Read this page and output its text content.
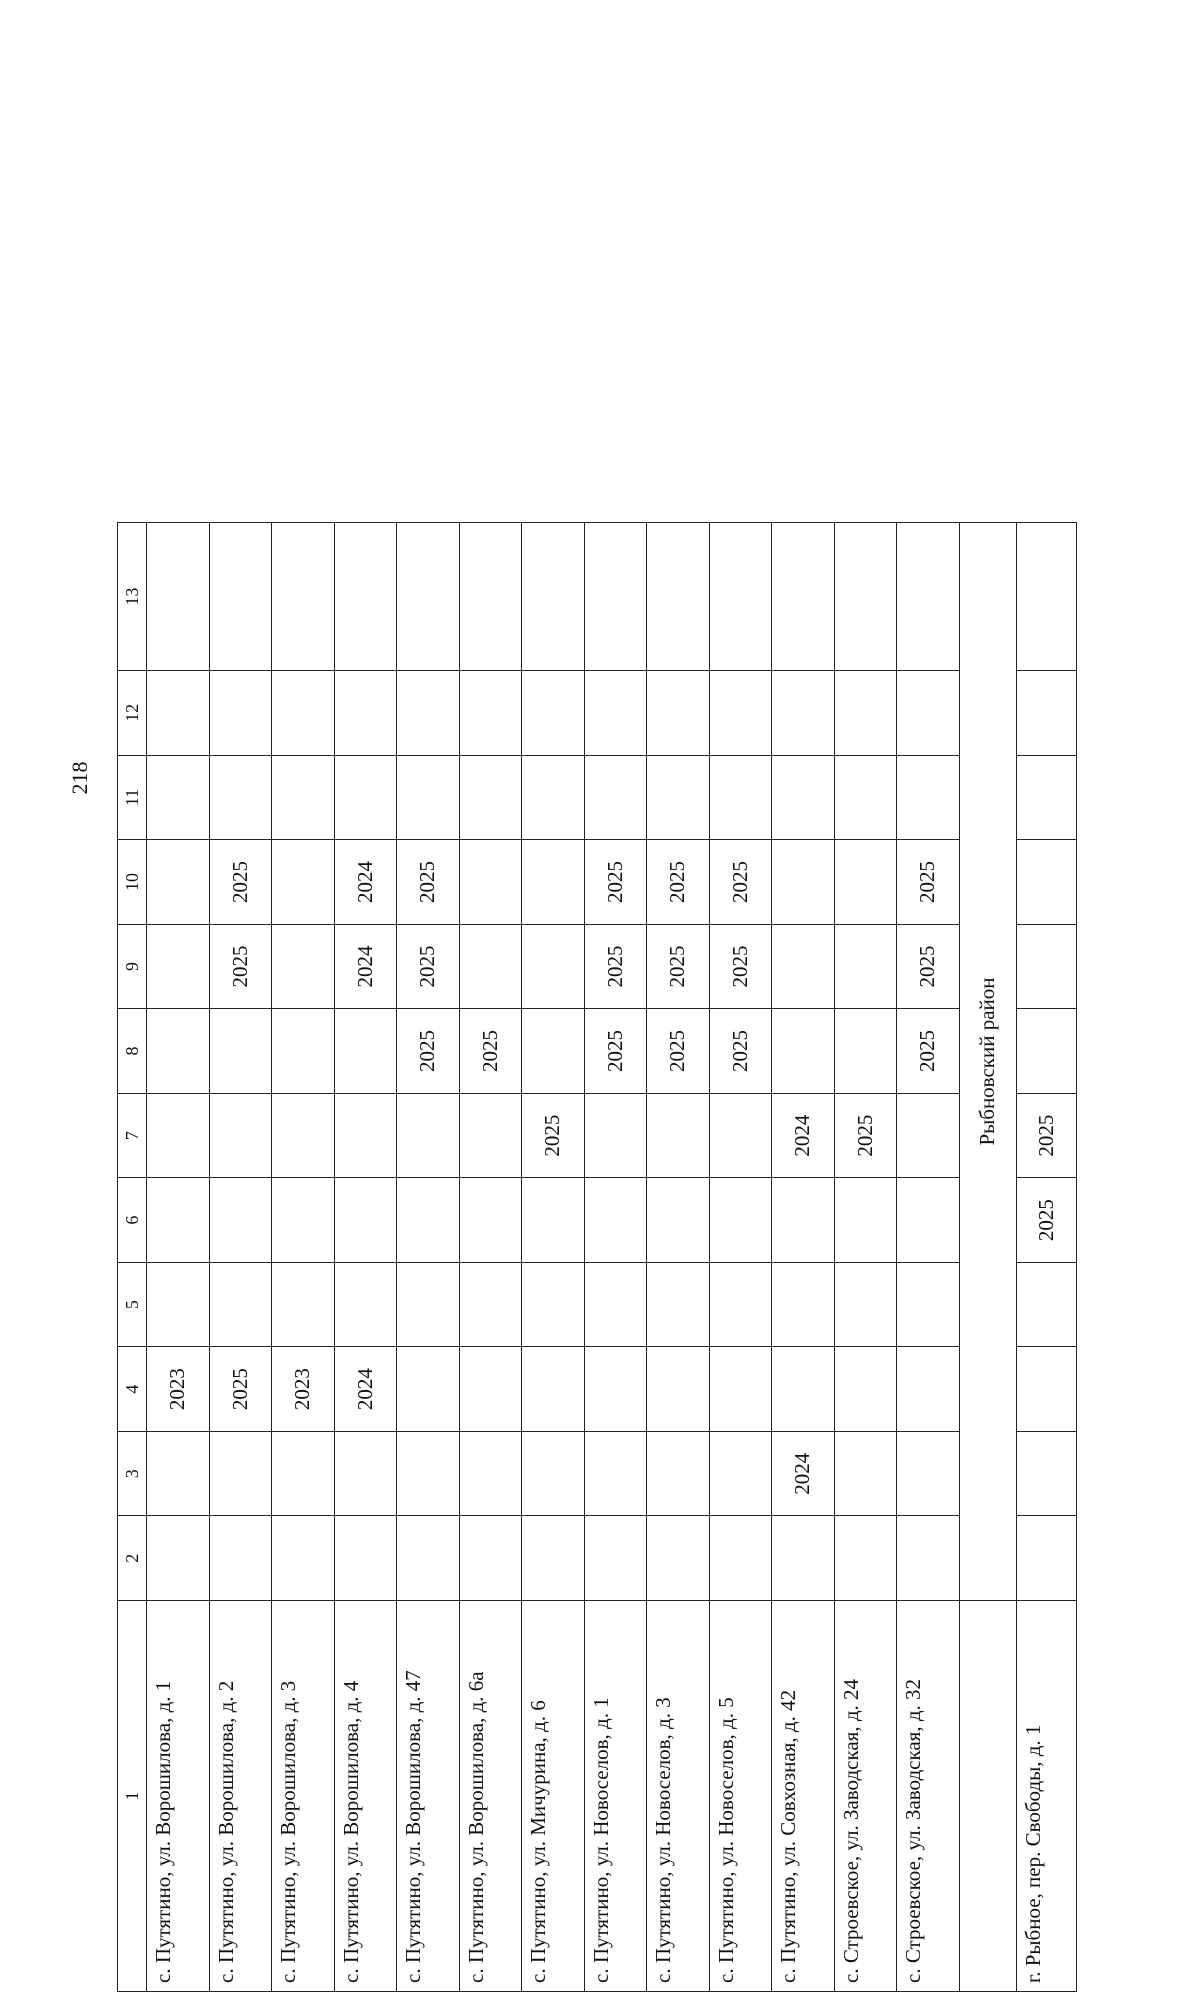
218
1	2	3	4	5	6	7	8	9	10	11	12	13
с. Путятино, ул. Ворошилова, д. 1			2023									
с. Путятино, ул. Ворошилова, д. 2			2025					2025	2025			
с. Путятино, ул. Ворошилова, д. 3			2023									
с. Путятино, ул. Ворошилова, д. 4			2024					2024	2024			
с. Путятино, ул. Ворошилова, д. 47							2025	2025	2025			
с. Путятино, ул. Ворошилова, д. 6а							2025					
с. Путятино, ул. Мичурина, д. 6						2025						
с. Путятино, ул. Новоселов, д. 1							2025	2025	2025			
с. Путятино, ул. Новоселов, д. 3							2025	2025	2025			
с. Путятино, ул. Новоселов, д. 5							2025	2025	2025			
с. Путятино, ул. Совхозная, д. 42		2024				2024						
с. Строевское, ул. Заводская, д. 24						2025						
с. Строевское, ул. Заводская, д. 32							2025	2025	2025			
	Рыбновский район											
г. Рыбное, пер. Свободы, д. 1					2025	2025						
